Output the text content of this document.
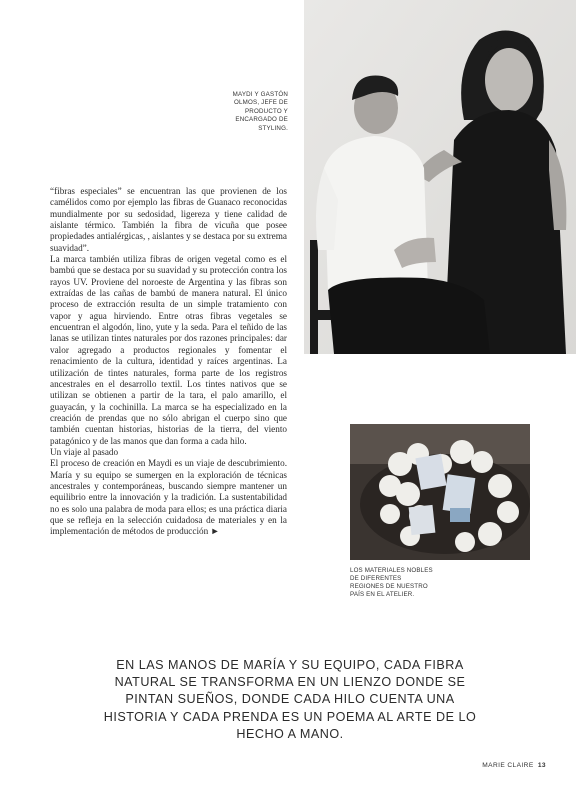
MAYDI Y GASTÓN OLMOS, JEFE DE PRODUCTO Y ENCARGADO DE STYLING.

“fibras especiales” se encuentran las que provienen de los camélidos como por ejemplo las fibras de Guanaco reconocidas mundialmente por su sedosidad, ligereza y tiene calidad de aislante térmico. También la fibra de vicuña que posee propiedades antialérgicas, , aislantes y se destaca por su extrema suavidad”.

La marca también utiliza fibras de origen vegetal como es el bambú que se destaca por su suavidad y su protección contra los rayos UV. Proviene del noroeste de Argentina y las fibras son extraídas de las cañas de bambú de manera natural. El único proceso de extracción resulta de un simple tratamiento con vapor y agua hirviendo. Entre otras fibras vegetales se encuentran el algodón, lino, yute y la seda. Para el teñido de las lanas se utilizan tintes naturales por dos razones principales: dar valor agregado a productos regionales y fomentar el renacimiento de la cultura, identidad y raíces argentinas. La utilización de tintes naturales, forma parte de los registros ancestrales en el desarrollo textil. Los tintes nativos que se utilizan se obtienen a partir de la tara, el palo amarillo, el guayacán, y la cochinilla. La marca se ha especializado en la creación de prendas que no sólo abrigan el cuerpo sino que también cuentan historias, historias de la tierra, del viento patagónico y de las manos que dan forma a cada hilo.

Un viaje al pasado

El proceso de creación en Maydi es un viaje de descubrimiento. María y su equipo se sumergen en la exploración de técnicas ancestrales y contemporáneas, buscando siempre mantener un equilibrio entre la innovación y la tradición. La sustentabilidad no es solo una palabra de moda para ellos; es una práctica diaria que se refleja en la selección cuidadosa de materiales y en la implementación de métodos de producción ►

LOS MATERIALES NOBLES DE DIFERENTES REGIONES DE NUESTRO PAÍS EN EL ATELIER.
EN LAS MANOS DE MARÍA Y SU EQUIPO, CADA FIBRA NATURAL SE TRANSFORMA EN UN LIENZO DONDE SE PINTAN SUEÑOS, DONDE CADA HILO CUENTA UNA HISTORIA Y CADA PRENDA ES UN POEMA AL ARTE DE LO HECHO A MANO.
MARIE CLAIRE 13
